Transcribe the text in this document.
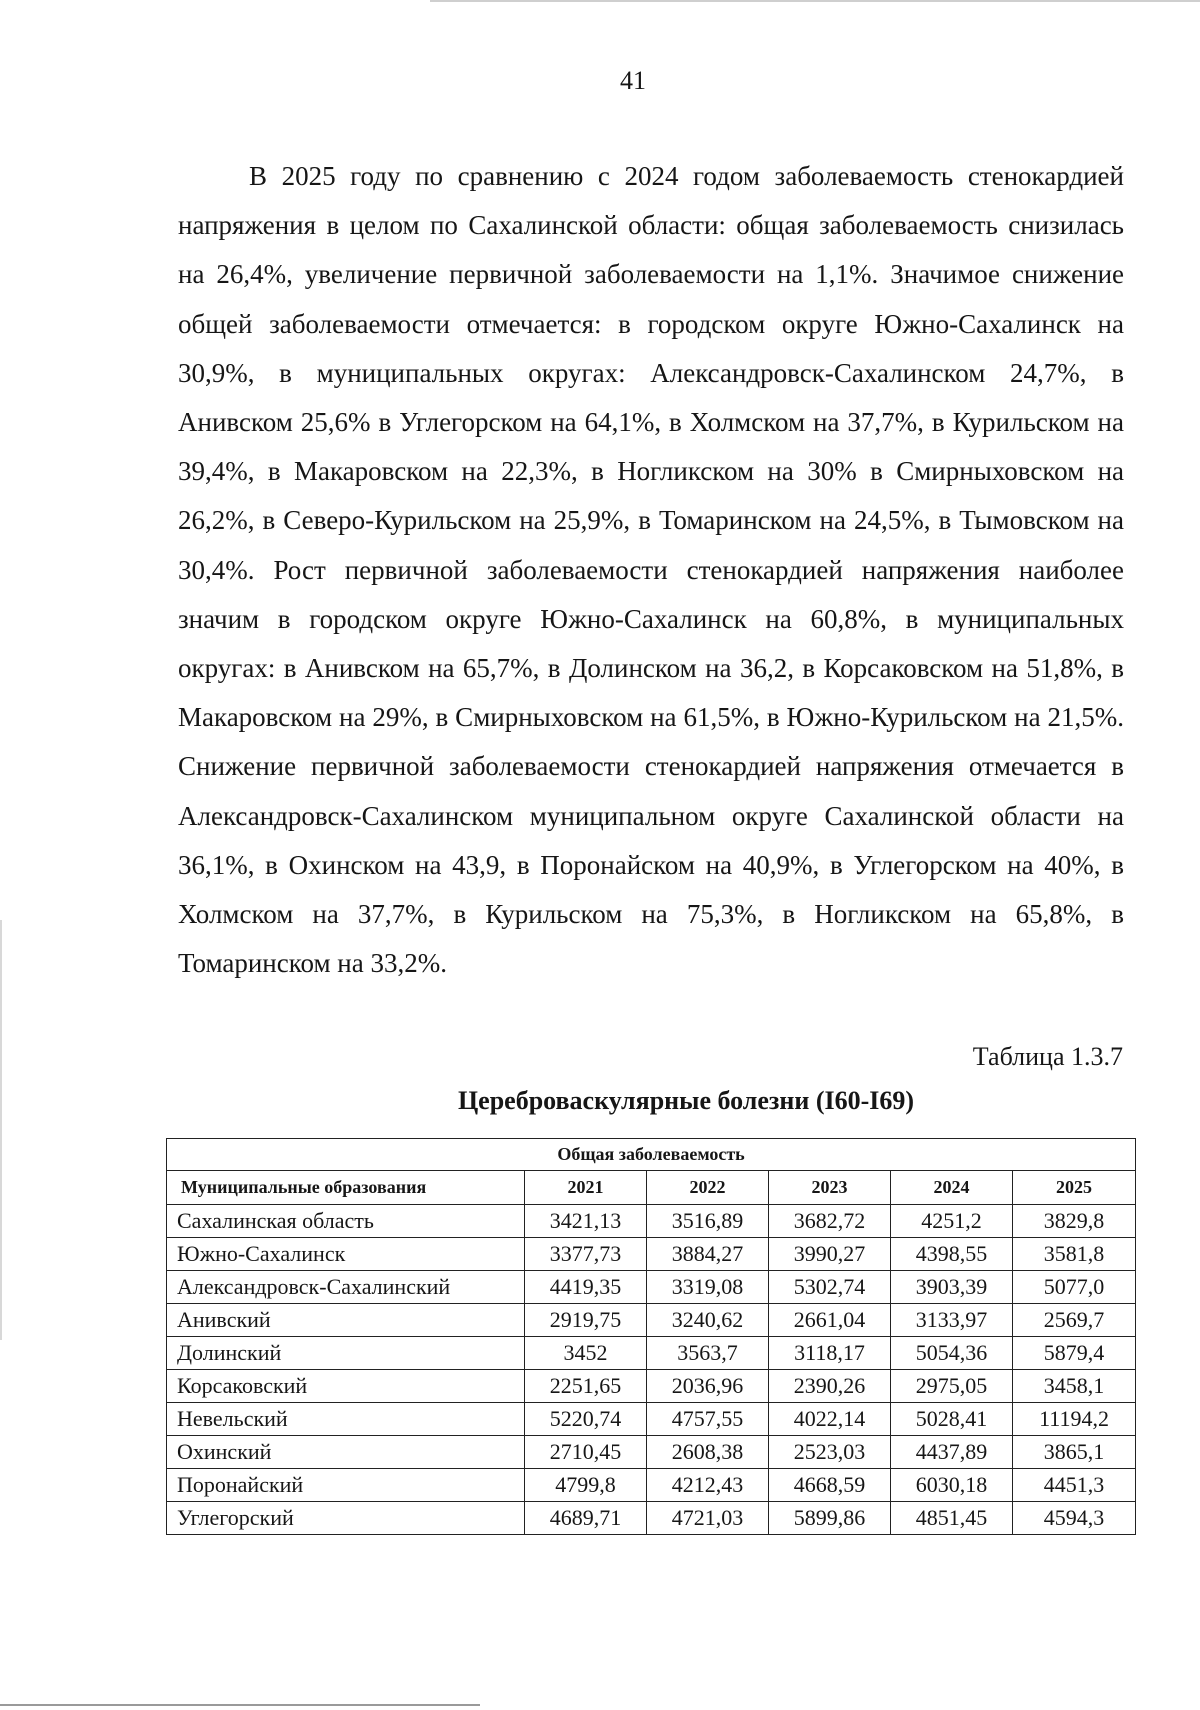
41

В 2025 году по сравнению с 2024 годом заболеваемость стенокардией напряжения в целом по Сахалинской области: общая заболеваемость снизилась на 26,4%, увеличение первичной заболеваемости на 1,1%. Значимое снижение общей заболеваемости отмечается: в городском округе Южно-Сахалинск на 30,9%, в муниципальных округах: Александровск-Сахалинском 24,7%, в Анивском 25,6% в Углегорском на 64,1%, в Холмском на 37,7%, в Курильском на 39,4%, в Макаровском на 22,3%, в Ногликском на 30% в Смирныховском на 26,2%, в Северо-Курильском на 25,9%, в Томаринском на 24,5%, в Тымовском на 30,4%. Рост первичной заболеваемости стенокардией напряжения наиболее значим в городском округе Южно-Сахалинск на 60,8%, в муниципальных округах: в Анивском на 65,7%, в Долинском на 36,2, в Корсаковском на 51,8%, в Макаровском на 29%, в Смирныховском на 61,5%, в Южно-Курильском на 21,5%. Снижение первичной заболеваемости стенокардией напряжения отмечается в Александровск-Сахалинском муниципальном округе Сахалинской области на 36,1%, в Охинском на 43,9, в Поронайском на 40,9%, в Углегорском на 40%, в Холмском на 37,7%, в Курильском на 75,3%, в Ногликском на 65,8%, в Томаринском на 33,2%.

Таблица 1.3.7
Цереброваскулярные болезни (I60-I69)
Общая заболеваемость					
Муниципальные образования	2021	2022	2023	2024	2025
Сахалинская область	3421,13	3516,89	3682,72	4251,2	3829,8
Южно-Сахалинск	3377,73	3884,27	3990,27	4398,55	3581,8
Александровск-Сахалинский	4419,35	3319,08	5302,74	3903,39	5077,0
Анивский	2919,75	3240,62	2661,04	3133,97	2569,7
Долинский	3452	3563,7	3118,17	5054,36	5879,4
Корсаковский	2251,65	2036,96	2390,26	2975,05	3458,1
Невельский	5220,74	4757,55	4022,14	5028,41	11194,2
Охинский	2710,45	2608,38	2523,03	4437,89	3865,1
Поронайский	4799,8	4212,43	4668,59	6030,18	4451,3
Углегорский	4689,71	4721,03	5899,86	4851,45	4594,3
